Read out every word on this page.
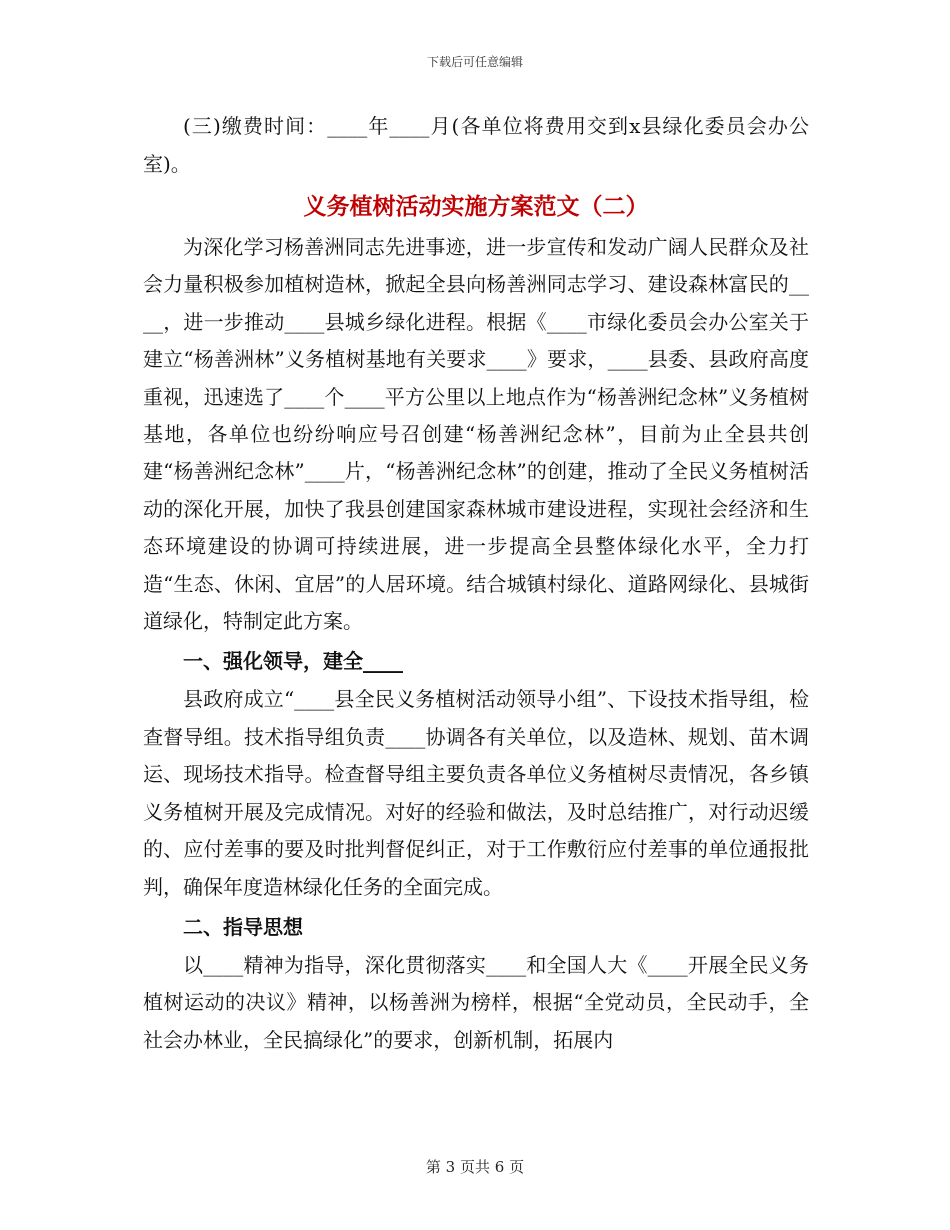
下载后可任意编辑

(三)缴费时间：____年____月(各单位将费用交到x县绿化委员会办公室)。

义务植树活动实施方案范文（二）

为深化学习杨善洲同志先进事迹，进一步宣传和发动广阔人民群众及社会力量积极参加植树造林，掀起全县向杨善洲同志学习、建设森林富民的____，进一步推动____县城乡绿化进程。根据《____市绿化委员会办公室关于建立“杨善洲林”义务植树基地有关要求____》要求，____县委、县政府高度重视，迅速选了____个____平方公里以上地点作为“杨善洲纪念林”义务植树基地，各单位也纷纷响应号召创建“杨善洲纪念林”，目前为止全县共创建“杨善洲纪念林”____片，“杨善洲纪念林”的创建，推动了全民义务植树活动的深化开展，加快了我县创建国家森林城市建设进程，实现社会经济和生态环境建设的协调可持续进展，进一步提高全县整体绿化水平，全力打造“生态、休闲、宜居”的人居环境。结合城镇村绿化、道路网绿化、县城街道绿化，特制定此方案。

一、强化领导，建全____

县政府成立“____县全民义务植树活动领导小组”、下设技术指导组，检查督导组。技术指导组负责____协调各有关单位，以及造林、规划、苗木调运、现场技术指导。检查督导组主要负责各单位义务植树尽责情况，各乡镇义务植树开展及完成情况。对好的经验和做法，及时总结推广，对行动迟缓的、应付差事的要及时批判督促纠正，对于工作敷衍应付差事的单位通报批判，确保年度造林绿化任务的全面完成。

二、指导思想

以____精神为指导，深化贯彻落实____和全国人大《____开展全民义务植树运动的决议》精神，以杨善洲为榜样，根据“全党动员，全民动手，全社会办林业，全民搞绿化”的要求，创新机制，拓展内

第 3 页共 6 页
